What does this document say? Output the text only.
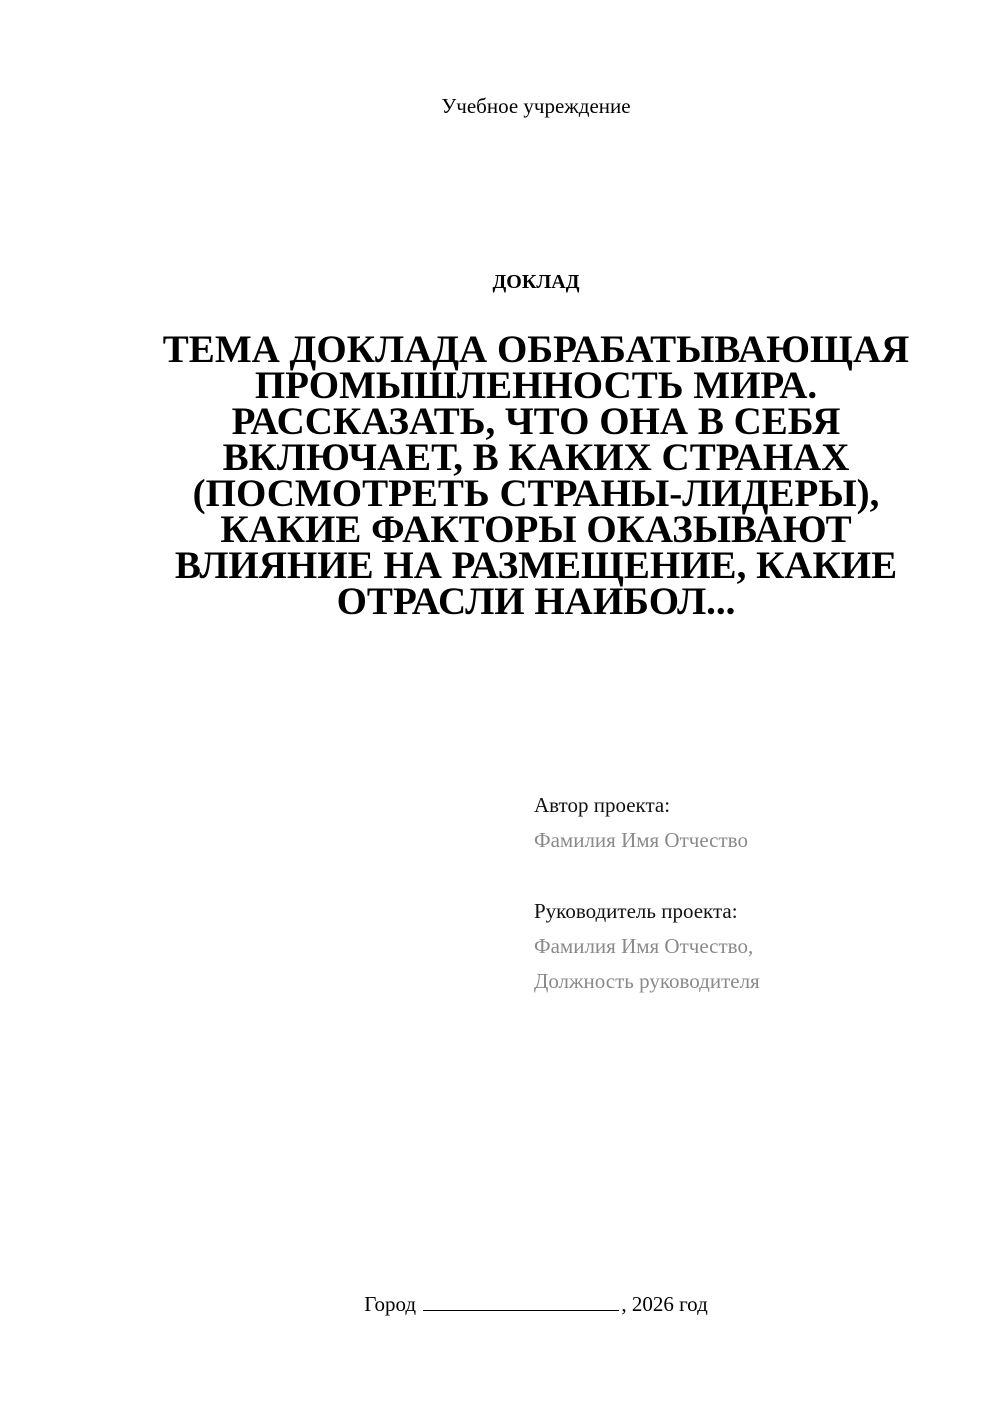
Учебное учреждение
ДОКЛАД
ТЕМА ДОКЛАДА ОБРАБАТЫВАЮЩАЯ ПРОМЫШЛЕННОСТЬ МИРА. РАССКАЗАТЬ, ЧТО ОНА В СЕБЯ ВКЛЮЧАЕТ, В КАКИХ СТРАНАХ (ПОСМОТРЕТЬ СТРАНЫ-ЛИДЕРЫ), КАКИЕ ФАКТОРЫ ОКАЗЫВАЮТ ВЛИЯНИЕ НА РАЗМЕЩЕНИЕ, КАКИЕ ОТРАСЛИ НАИБОЛ...
Автор проекта:
Фамилия Имя Отчество
Руководитель проекта:
Фамилия Имя Отчество,
Должность руководителя
Город	, 2026 год
